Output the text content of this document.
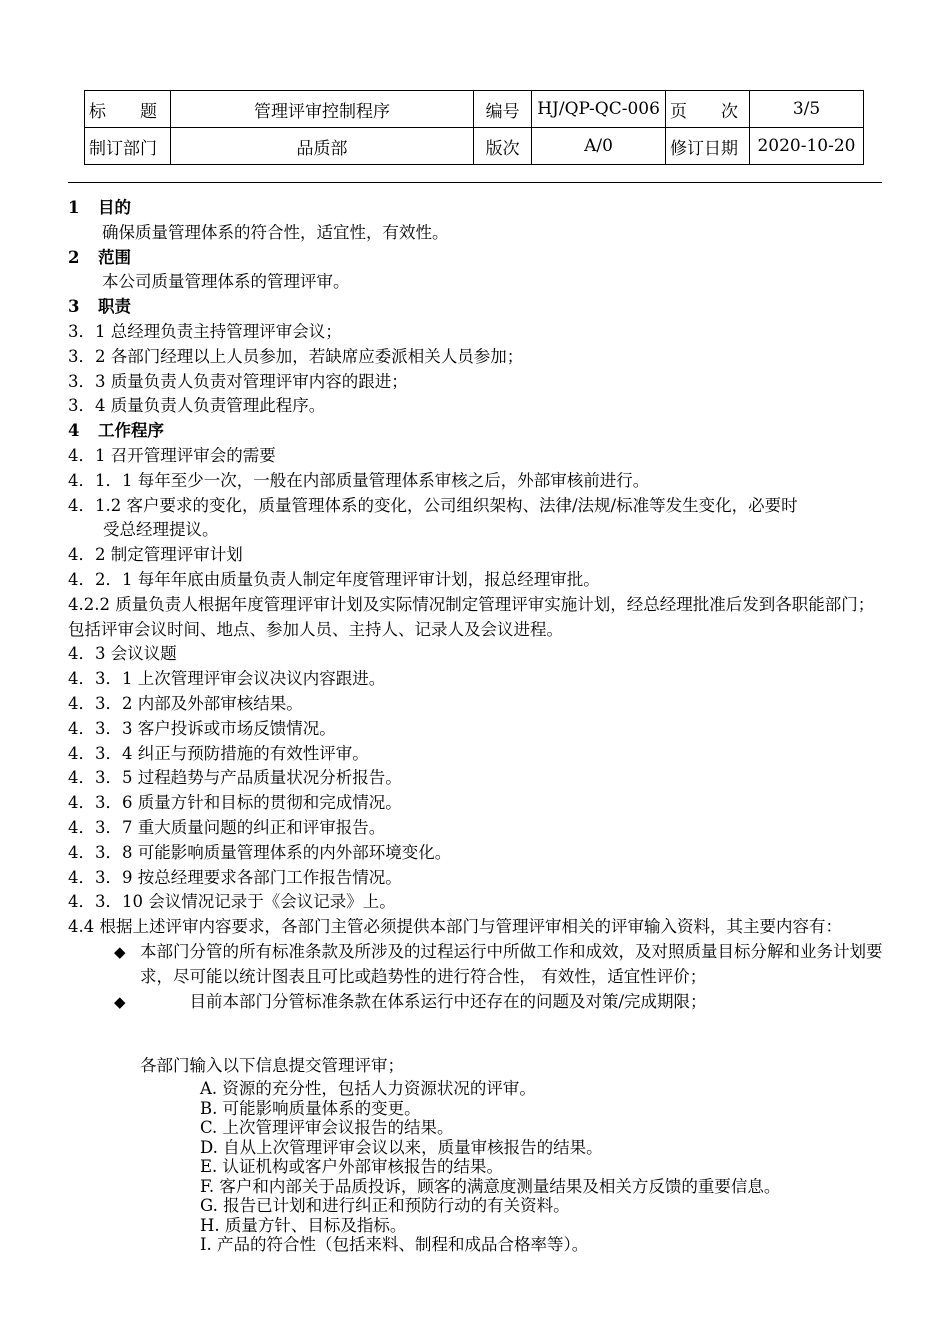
标　　题	管理评审控制程序	编号	HJ/QP-QC-006	页　　次	3/5
制订部门	品质部	版次	A/0	修订日期	2020-10-20
1 目的
确保质量管理体系的符合性，适宜性，有效性。
2 范围
本公司质量管理体系的管理评审。
3 职责
3．1 总经理负责主持管理评审会议；
3．2 各部门经理以上人员参加，若缺席应委派相关人员参加；
3．3 质量负责人负责对管理评审内容的跟进；
3．4 质量负责人负责管理此程序。
4 工作程序
4．1 召开管理评审会的需要
4．1．1 每年至少一次，一般在内部质量管理体系审核之后，外部审核前进行。
4．1.2 客户要求的变化，质量管理体系的变化，公司组织架构、法律/法规/标准等发生变化，必要时
受总经理提议。
4．2 制定管理评审计划
4．2．1 每年年底由质量负责人制定年度管理评审计划，报总经理审批。
4.2.2 质量负责人根据年度管理评审计划及实际情况制定管理评审实施计划，经总经理批准后发到各职能部门；包括评审会议时间、地点、参加人员、主持人、记录人及会议进程。
4．3 会议议题
4．3．1 上次管理评审会议决议内容跟进。
4．3．2 内部及外部审核结果。
4．3．3 客户投诉或市场反馈情况。
4．3．4 纠正与预防措施的有效性评审。
4．3．5 过程趋势与产品质量状况分析报告。
4．3．6 质量方针和目标的贯彻和完成情况。
4．3．7 重大质量问题的纠正和评审报告。
4．3．8 可能影响质量管理体系的内外部环境变化。
4．3．9 按总经理要求各部门工作报告情况。
4．3．10 会议情况记录于《会议记录》上。
4.4 根据上述评审内容要求，各部门主管必须提供本部门与管理评审相关的评审输入资料，其主要内容有：
◆ 本部门分管的所有标准条款及所涉及的过程运行中所做工作和成效，及对照质量目标分解和业务计划要求，尽可能以统计图表且可比或趋势性的进行符合性， 有效性，适宜性评价；
◆ 　　　目前本部门分管标准条款在体系运行中还存在的问题及对策/完成期限；
各部门输入以下信息提交管理评审；
A. 资源的充分性，包括人力资源状况的评审。
B. 可能影响质量体系的变更。
C. 上次管理评审会议报告的结果。
D. 自从上次管理评审会议以来，质量审核报告的结果。
E. 认证机构或客户外部审核报告的结果。
F. 客户和内部关于品质投诉，顾客的满意度测量结果及相关方反馈的重要信息。
G. 报告已计划和进行纠正和预防行动的有关资料。
H. 质量方针、目标及指标。
I. 产品的符合性（包括来料、制程和成品合格率等）。
